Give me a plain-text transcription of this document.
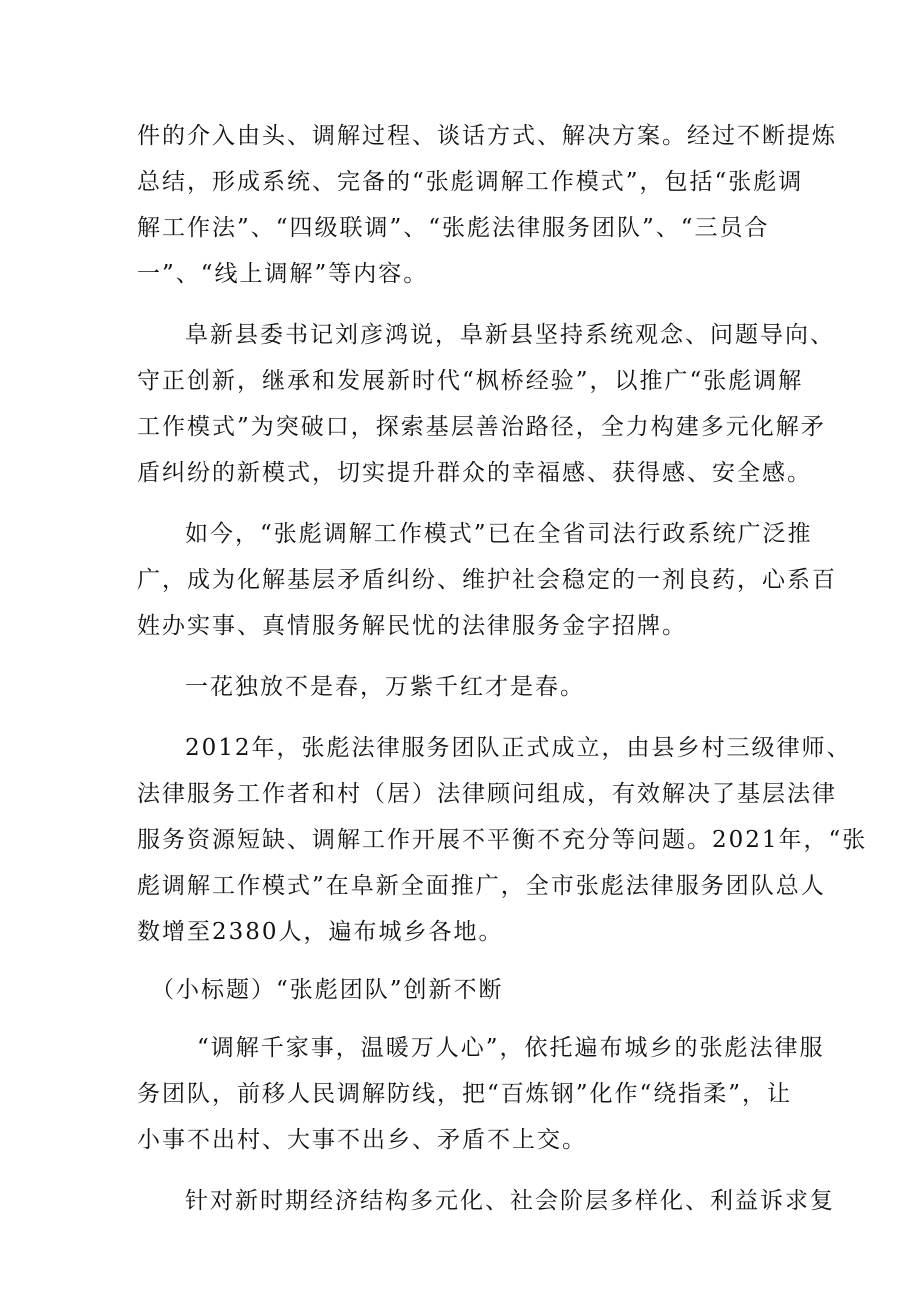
件的介入由头、调解过程、谈话方式、解决方案。经过不断提炼
总结，形成系统、完备的“张彪调解工作模式”，包括“张彪调
解工作法”、“四级联调”、“张彪法律服务团队”、“三员合
一”、“线上调解”等内容。
阜新县委书记刘彦鸿说，阜新县坚持系统观念、问题导向、
守正创新，继承和发展新时代“枫桥经验”，以推广“张彪调解
工作模式”为突破口，探索基层善治路径，全力构建多元化解矛
盾纠纷的新模式，切实提升群众的幸福感、获得感、安全感。
如今，“张彪调解工作模式”已在全省司法行政系统广泛推
广，成为化解基层矛盾纠纷、维护社会稳定的一剂良药，心系百
姓办实事、真情服务解民忧的法律服务金字招牌。
一花独放不是春，万紫千红才是春。
2012年，张彪法律服务团队正式成立，由县乡村三级律师、
法律服务工作者和村（居）法律顾问组成，有效解决了基层法律
服务资源短缺、调解工作开展不平衡不充分等问题。2021年，“张
彪调解工作模式”在阜新全面推广，全市张彪法律服务团队总人
数增至2380人，遍布城乡各地。
（小标题）“张彪团队”创新不断
“调解千家事，温暖万人心”，依托遍布城乡的张彪法律服
务团队，前移人民调解防线，把“百炼钢”化作“绕指柔”，让
小事不出村、大事不出乡、矛盾不上交。
针对新时期经济结构多元化、社会阶层多样化、利益诉求复
